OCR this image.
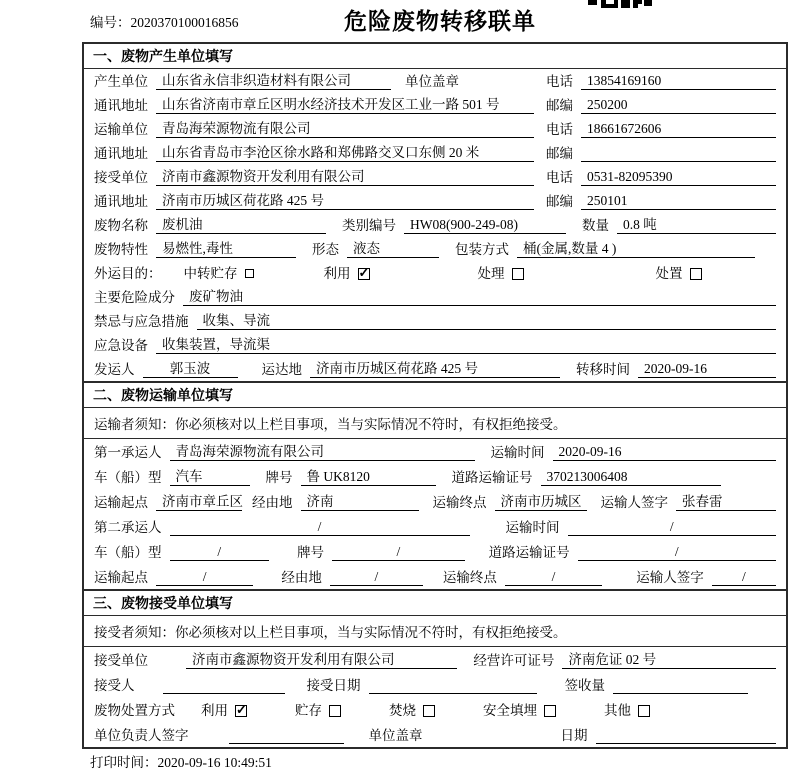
编号：2020370100016856	危险废物转移联单
一、废物产生单位填写
产生单位	山东省永信非织造材料有限公司	单位盖章	电话	13854169160
通讯地址	山东省济南市章丘区明水经济技术开发区工业一路 501 号	邮编	250200
运输单位	青岛海荣源物流有限公司	电话	18661672606
通讯地址	山东省青岛市李沧区徐水路和郑佛路交叉口东侧 20 米	邮编
接受单位	济南市鑫源物资开发利用有限公司	电话	0531-82095390
通讯地址	济南市历城区荷花路 425 号	邮编	250101
废物名称	废机油	类别编号	HW08(900-249-08)	数量	0.8 吨
废物特性	易燃性,毒性	形态	液态	包装方式	桶(金属,数量 4 )
外运目的： 中转贮存	利用 ✓	处理	处置
主要危险成分	废矿物油
禁忌与应急措施	收集、导流
应急设备	收集装置，导流渠
发运人	郭玉波	运达地	济南市历城区荷花路 425 号	转移时间	2020-09-16
二、废物运输单位填写
运输者须知：你必须核对以上栏目事项，当与实际情况不符时，有权拒绝接受。
第一承运人	青岛海荣源物流有限公司	运输时间	2020-09-16
车（船）型	汽车	牌号	鲁 UK8120	道路运输证号	370213006408
运输起点	济南市章丘区 经由地	济南	运输终点	济南市历城区	运输人签字	张春雷
第二承运人	/	运输时间	/
车（船）型	/	牌号	/	道路运输证号	/
运输起点	/	经由地	/	运输终点	/	运输人签字	/
三、废物接受单位填写
接受者须知：你必须核对以上栏目事项，当与实际情况不符时，有权拒绝接受。
接受单位	济南市鑫源物资开发利用有限公司	经营许可证号	济南危证 02 号
接受人	接受日期	签收量
废物处置方式 利用 ✓	贮存	焚烧	安全填埋	其他
单位负责人签字	单位盖章	日期
打印时间：2020-09-16 10:49:51
